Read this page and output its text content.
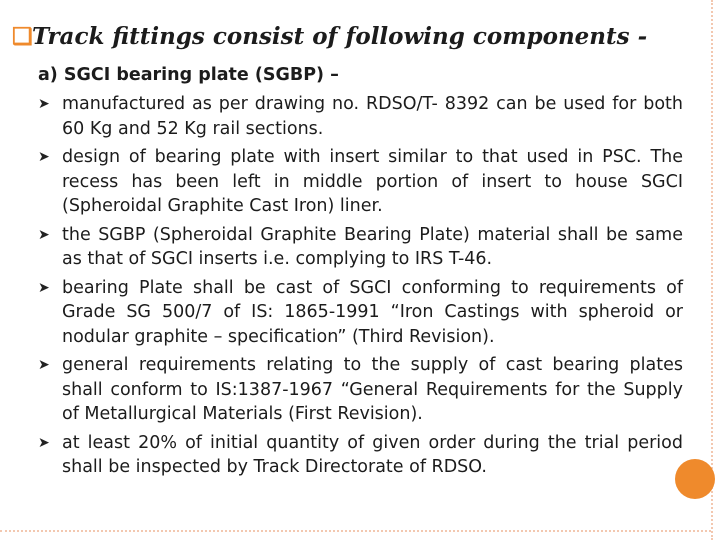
❑Track fittings consist of following components -
a) SGCI bearing plate (SGBP) –
➤ manufactured as per drawing no. RDSO/T- 8392 can be used for both 60 Kg and 52 Kg rail sections.
➤ design of bearing plate with insert similar to that used in PSC. The recess has been left in middle portion of insert to house SGCI (Spheroidal Graphite Cast Iron) liner.
➤ the SGBP (Spheroidal Graphite Bearing Plate) material shall be same as that of SGCI inserts i.e. complying to IRS T-46.
➤ bearing Plate shall be cast of SGCI conforming to requirements of Grade SG 500/7 of IS: 1865-1991 “Iron Castings with spheroid or nodular graphite – specification” (Third Revision).
➤ general requirements relating to the supply of cast bearing plates shall conform to IS:1387-1967 “General Requirements for the Supply of Metallurgical Materials (First Revision).
➤ at least 20% of initial quantity of given order during the trial period shall be inspected by Track Directorate of RDSO.
